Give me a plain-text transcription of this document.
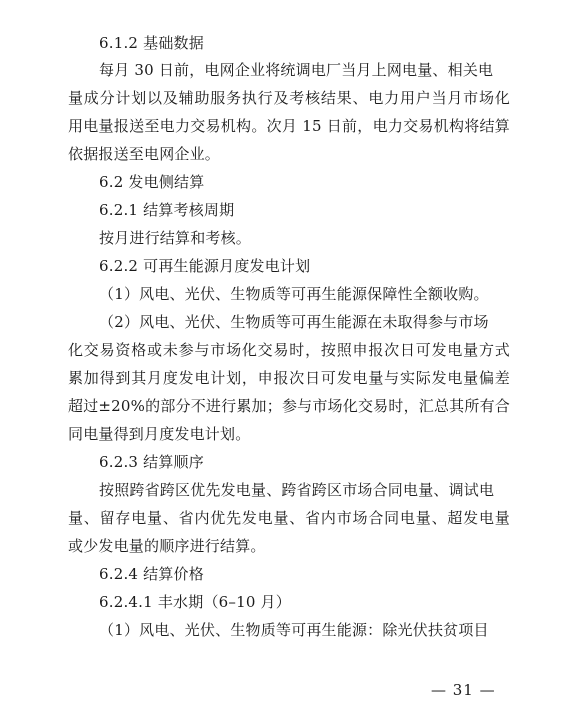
6.1.2 基础数据
每月 30 日前，电网企业将统调电厂当月上网电量、相关电
量成分计划以及辅助服务执行及考核结果、电力用户当月市场化
用电量报送至电力交易机构。次月 15 日前，电力交易机构将结算
依据报送至电网企业。
6.2 发电侧结算
6.2.1 结算考核周期
按月进行结算和考核。
6.2.2 可再生能源月度发电计划
（1）风电、光伏、生物质等可再生能源保障性全额收购。
（2）风电、光伏、生物质等可再生能源在未取得参与市场
化交易资格或未参与市场化交易时，按照申报次日可发电量方式
累加得到其月度发电计划，申报次日可发电量与实际发电量偏差
超过±20%的部分不进行累加；参与市场化交易时，汇总其所有合
同电量得到月度发电计划。
6.2.3 结算顺序
按照跨省跨区优先发电量、跨省跨区市场合同电量、调试电
量、留存电量、省内优先发电量、省内市场合同电量、超发电量
或少发电量的顺序进行结算。
6.2.4 结算价格
6.2.4.1 丰水期（6–10 月）
（1）风电、光伏、生物质等可再生能源：除光伏扶贫项目
— 31 —
